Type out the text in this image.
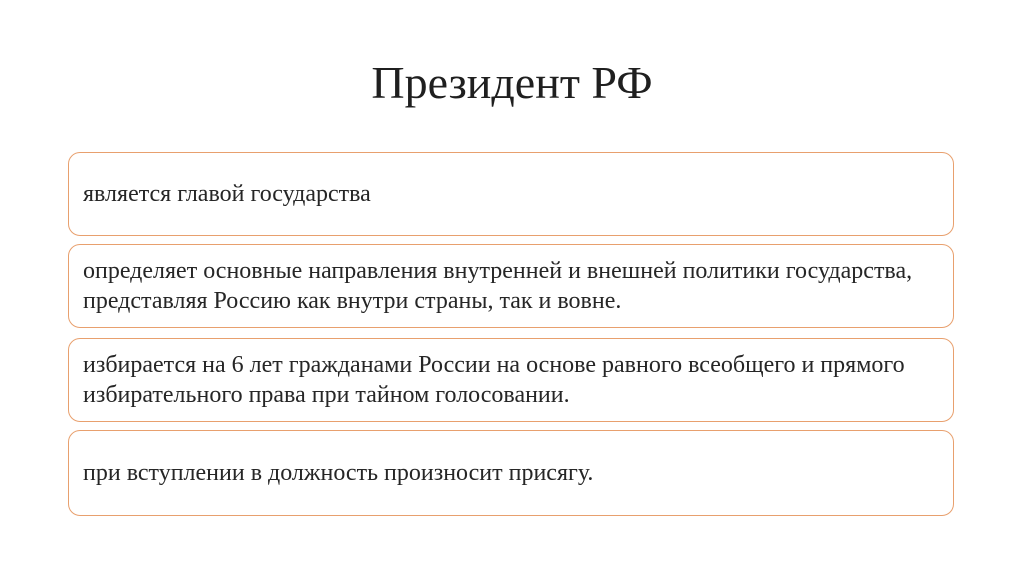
Президент РФ
является главой государства
определяет основные направления внутренней и внешней политики государства, представляя Россию как внутри страны, так и вовне.
избирается на 6 лет гражданами России на основе равного всеобщего и прямого избирательного права при тайном голосовании.
при вступлении в должность произносит присягу.
